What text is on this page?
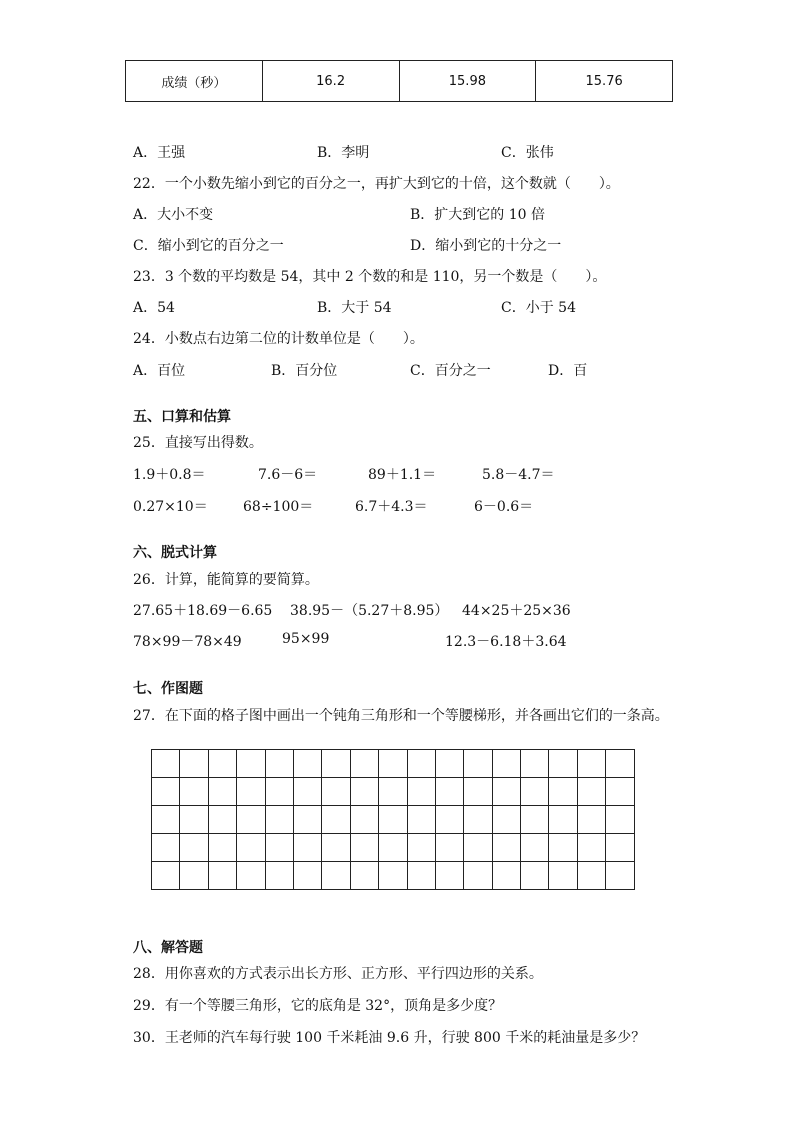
成绩（秒）	16.2	15.98	15.76
A．王强	B．李明	C．张伟
22．一个小数先缩小到它的百分之一，再扩大到它的十倍，这个数就（　　）。
A．大小不变	B．扩大到它的 10 倍
C．缩小到它的百分之一	D．缩小到它的十分之一
23．3 个数的平均数是 54，其中 2 个数的和是 110，另一个数是（　　）。
A．54	B．大于 54	C．小于 54
24．小数点右边第二位的计数单位是（　　）。
A．百位	B．百分位	C．百分之一	D．百
五、口算和估算
25．直接写出得数。
1.9＋0.8＝	7.6－6＝	89＋1.1＝	5.8－4.7＝
0.27×10＝	68÷100＝	6.7＋4.3＝	6－0.6＝
六、脱式计算
26．计算，能简算的要简算。
27.65＋18.69－6.65 38.95－（5.27＋8.95） 44×25＋25×36
78×99－78×49	95×99	12.3－6.18＋3.64
七、作图题
27．在下面的格子图中画出一个钝角三角形和一个等腰梯形，并各画出它们的一条高。
八、解答题
28．用你喜欢的方式表示出长方形、正方形、平行四边形的关系。
29．有一个等腰三角形，它的底角是 32°，顶角是多少度？
30．王老师的汽车每行驶 100 千米耗油 9.6 升，行驶 800 千米的耗油量是多少？
